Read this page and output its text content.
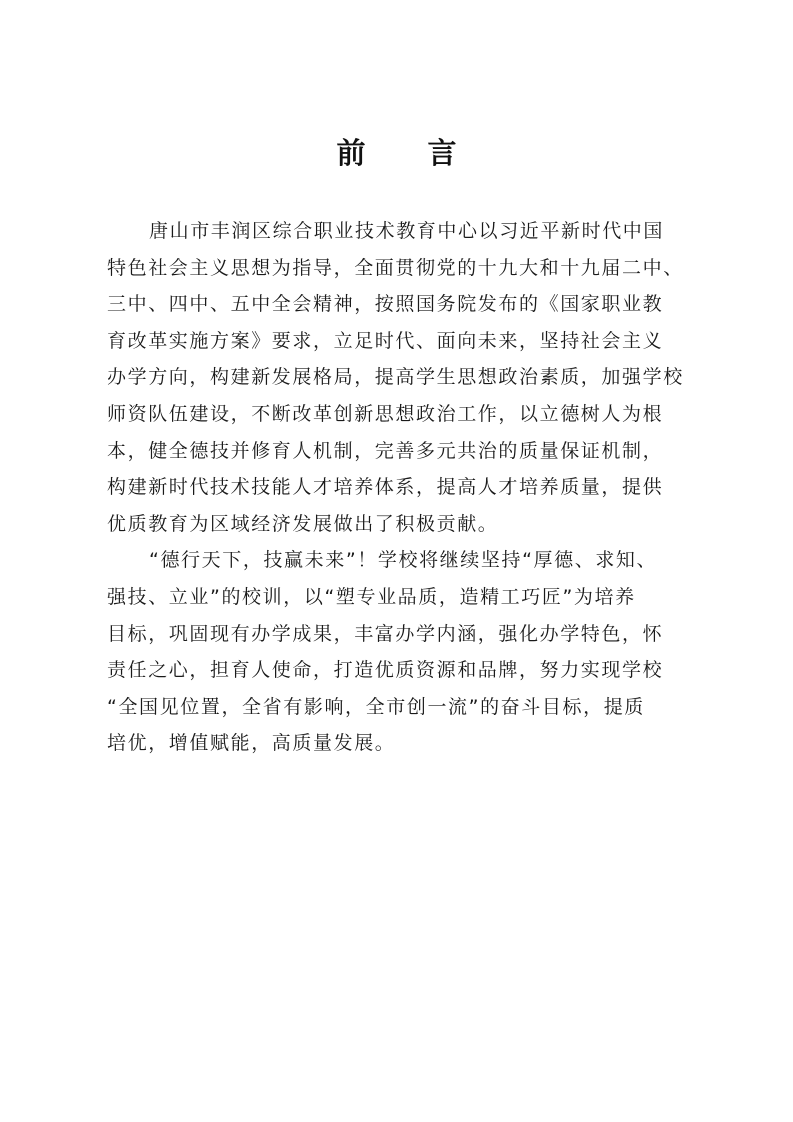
前 言

唐山市丰润区综合职业技术教育中心以习近平新时代中国
特色社会主义思想为指导，全面贯彻党的十九大和十九届二中、
三中、四中、五中全会精神，按照国务院发布的《国家职业教
育改革实施方案》要求，立足时代、面向未来，坚持社会主义
办学方向，构建新发展格局，提高学生思想政治素质，加强学校
师资队伍建设，不断改革创新思想政治工作，以立德树人为根
本，健全德技并修育人机制，完善多元共治的质量保证机制，
构建新时代技术技能人才培养体系，提高人才培养质量，提供
优质教育为区域经济发展做出了积极贡献。

“德行天下，技赢未来”！学校将继续坚持“厚德、求知、
强技、立业”的校训，以“塑专业品质，造精工巧匠”为培养
目标，巩固现有办学成果，丰富办学内涵，强化办学特色，怀
责任之心，担育人使命，打造优质资源和品牌，努力实现学校
“全国见位置，全省有影响，全市创一流”的奋斗目标，提质
培优，增值赋能，高质量发展。
